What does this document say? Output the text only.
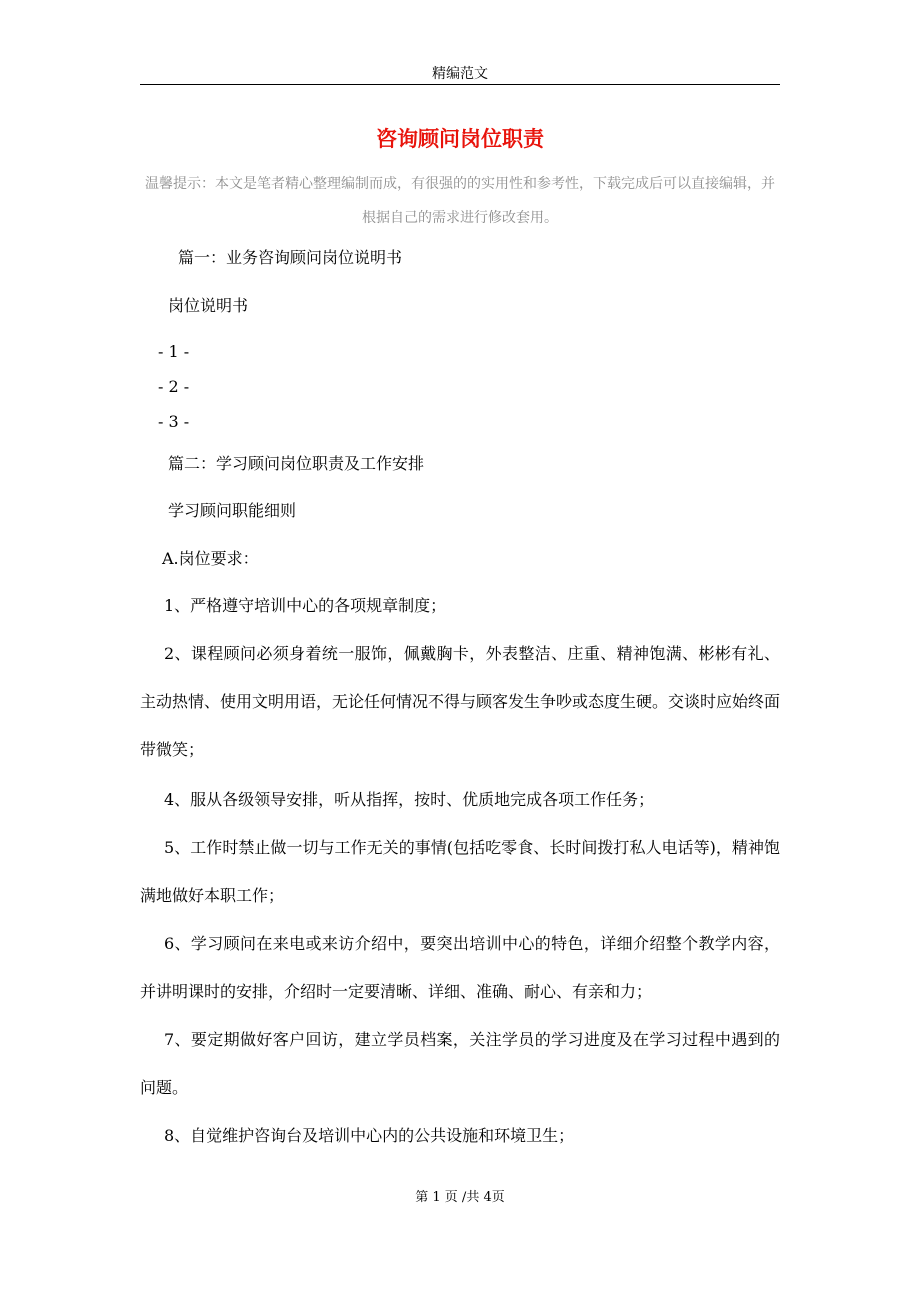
精编范文
咨询顾问岗位职责
温馨提示：本文是笔者精心整理编制而成，有很强的的实用性和参考性，下载完成后可以直接编辑，并根据自己的需求进行修改套用。
篇一：业务咨询顾问岗位说明书
岗位说明书
- 1 -
- 2 -
- 3 -
篇二：学习顾问岗位职责及工作安排
学习顾问职能细则
A.岗位要求：
1、严格遵守培训中心的各项规章制度；
2、课程顾问必须身着统一服饰，佩戴胸卡，外表整洁、庄重、精神饱满、彬彬有礼、主动热情、使用文明用语，无论任何情况不得与顾客发生争吵或态度生硬。交谈时应始终面带微笑；
4、服从各级领导安排，听从指挥，按时、优质地完成各项工作任务；
5、工作时禁止做一切与工作无关的事情(包括吃零食、长时间拨打私人电话等)，精神饱满地做好本职工作；
6、学习顾问在来电或来访介绍中，要突出培训中心的特色，详细介绍整个教学内容，并讲明课时的安排，介绍时一定要清晰、详细、准确、耐心、有亲和力；
7、要定期做好客户回访，建立学员档案，关注学员的学习进度及在学习过程中遇到的问题。
8、自觉维护咨询台及培训中心内的公共设施和环境卫生；
第 1 页 /共 4页
